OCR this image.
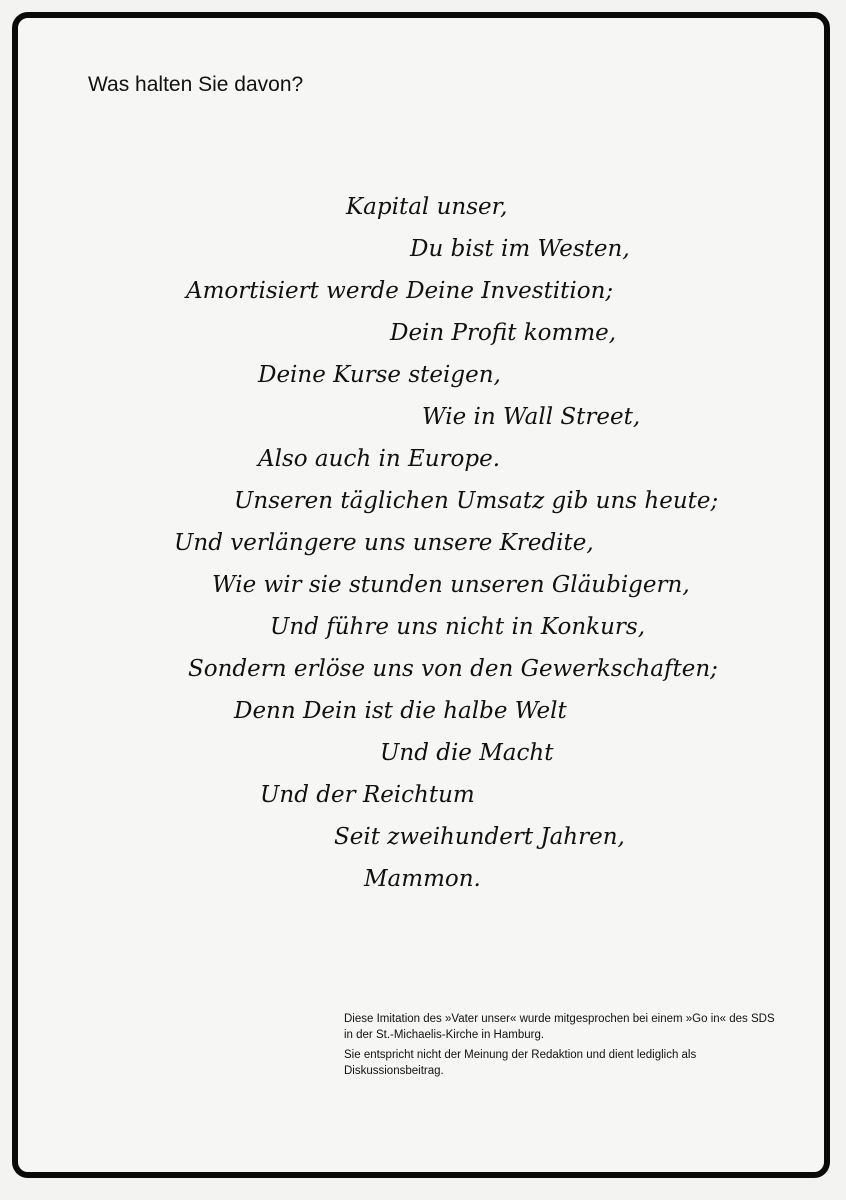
Was halten Sie davon?
Kapital unser,
Du bist im Westen,
Amortisiert werde Deine Investition;
Dein Profit komme,
Deine Kurse steigen,
Wie in Wall Street,
Also auch in Europe.
Unseren täglichen Umsatz gib uns heute;
Und verlängere uns unsere Kredite,
Wie wir sie stunden unseren Gläubigern,
Und führe uns nicht in Konkurs,
Sondern erlöse uns von den Gewerkschaften;
Denn Dein ist die halbe Welt
Und die Macht
Und der Reichtum
Seit zweihundert Jahren,
Mammon.

Diese Imitation des »Vater unser« wurde mitgesprochen bei einem »Go in« des SDS in der St.-Michaelis-Kirche in Hamburg.

Sie entspricht nicht der Meinung der Redaktion und dient lediglich als Diskussionsbeitrag.
